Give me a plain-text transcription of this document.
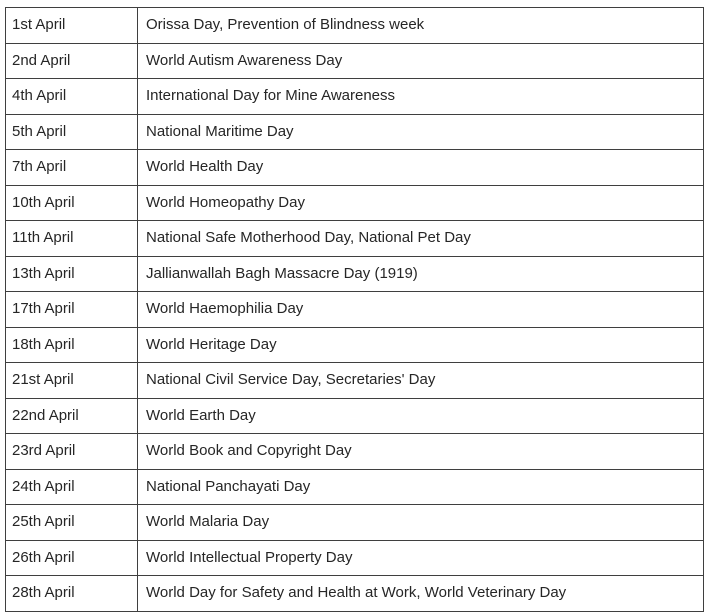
1st April	Orissa Day, Prevention of Blindness week
2nd April	World Autism Awareness Day
4th April	International Day for Mine Awareness
5th April	National Maritime Day
7th April	World Health Day
10th April	World Homeopathy Day
11th April	National Safe Motherhood Day, National Pet Day
13th April	Jallianwallah Bagh Massacre Day (1919)
17th April	World Haemophilia Day
18th April	World Heritage Day
21st April	National Civil Service Day, Secretaries' Day
22nd April	World Earth Day
23rd April	World Book and Copyright Day
24th April	National Panchayati Day
25th April	World Malaria Day
26th April	World Intellectual Property Day
28th April	World Day for Safety and Health at Work, World Veterinary Day
